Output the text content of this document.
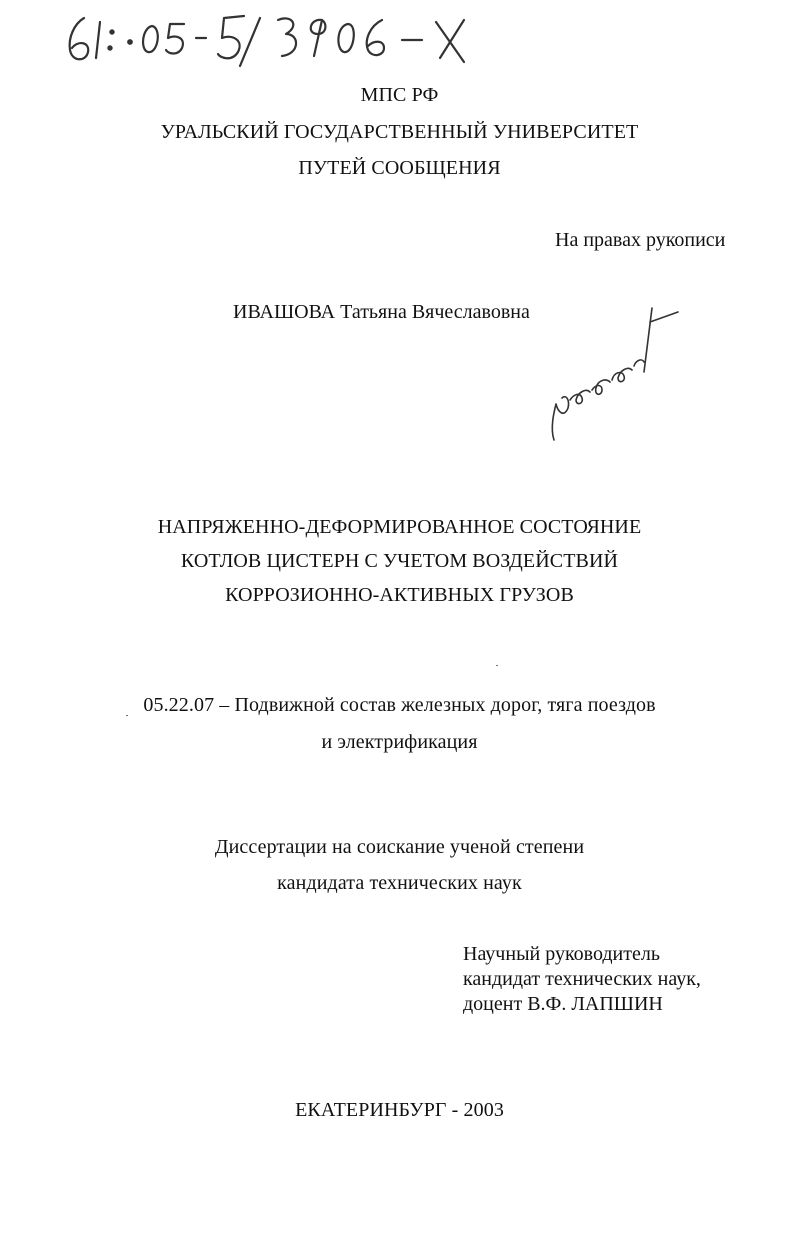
МПС РФ
УРАЛЬСКИЙ ГОСУДАРСТВЕННЫЙ УНИВЕРСИТЕТ
ПУТЕЙ СООБЩЕНИЯ
На правах рукописи
ИВАШОВА Татьяна Вячеславовна
НАПРЯЖЕННО-ДЕФОРМИРОВАННОЕ СОСТОЯНИЕ
КОТЛОВ ЦИСТЕРН С УЧЕТОМ ВОЗДЕЙСТВИЙ
КОРРОЗИОННО-АКТИВНЫХ ГРУЗОВ
05.22.07 – Подвижной состав железных дорог, тяга поездов
и электрификация
Диссертации на соискание ученой степени
кандидата технических наук
Научный руководитель
кандидат технических наук,
доцент В.Ф. ЛАПШИН
ЕКАТЕРИНБУРГ - 2003
